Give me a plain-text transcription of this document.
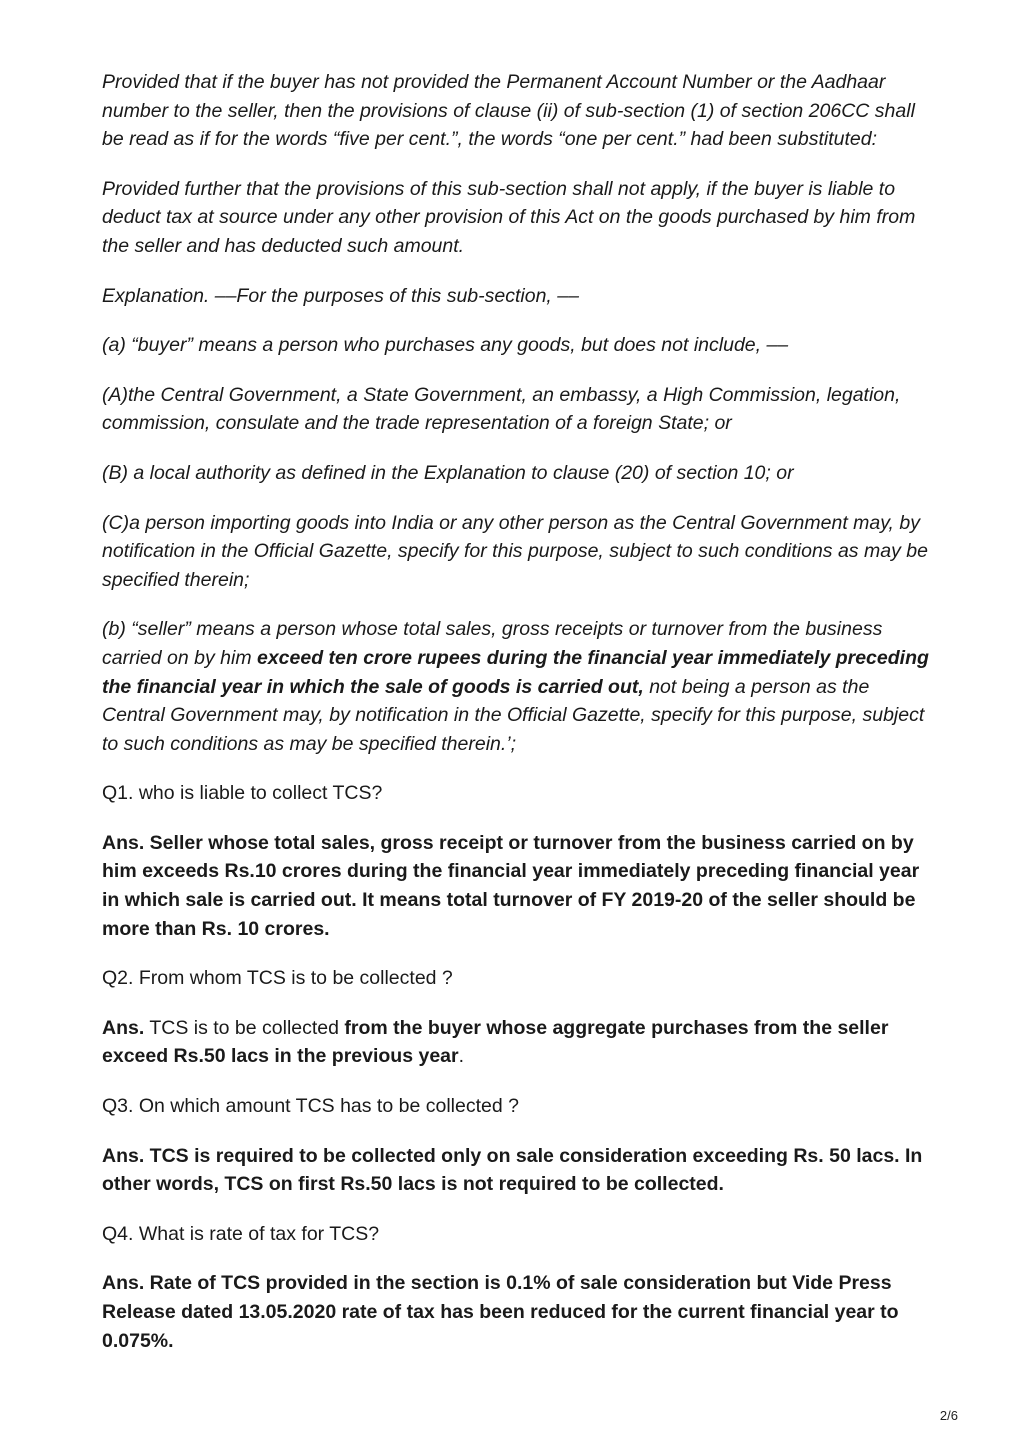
Provided that if the buyer has not provided the Permanent Account Number or the Aadhaar number to the seller, then the provisions of clause (ii) of sub-section (1) of section 206CC shall be read as if for the words “five per cent.”, the words “one per cent.” had been substituted:

Provided further that the provisions of this sub-section shall not apply, if the buyer is liable to deduct tax at source under any other provision of this Act on the goods purchased by him from the seller and has deducted such amount.

Explanation. ––For the purposes of this sub-section, ––

(a) “buyer” means a person who purchases any goods, but does not include, ––

(A)the Central Government, a State Government, an embassy, a High Commission, legation, commission, consulate and the trade representation of a foreign State; or

(B) a local authority as defined in the Explanation to clause (20) of section 10; or

(C)a person importing goods into India or any other person as the Central Government may, by notification in the Official Gazette, specify for this purpose, subject to such conditions as may be specified therein;

(b) “seller” means a person whose total sales, gross receipts or turnover from the business carried on by him exceed ten crore rupees during the financial year immediately preceding the financial year in which the sale of goods is carried out, not being a person as the Central Government may, by notification in the Official Gazette, specify for this purpose, subject to such conditions as may be specified therein.’;

Q1. who is liable to collect TCS?

Ans. Seller whose total sales, gross receipt or turnover from the business carried on by him exceeds Rs.10 crores during the financial year immediately preceding financial year in which sale is carried out. It means total turnover of FY 2019-20 of the seller should be more than Rs. 10 crores.

Q2. From whom TCS is to be collected ?

Ans. TCS is to be collected from the buyer whose aggregate purchases from the seller exceed Rs.50 lacs in the previous year.

Q3. On which amount TCS has to be collected ?

Ans. TCS is required to be collected only on sale consideration exceeding Rs. 50 lacs. In other words, TCS on first Rs.50 lacs is not required to be collected.

Q4. What is rate of tax for TCS?

Ans. Rate of TCS provided in the section is 0.1% of sale consideration but Vide Press Release dated 13.05.2020 rate of tax has been reduced for the current financial year to 0.075%.

2/6
